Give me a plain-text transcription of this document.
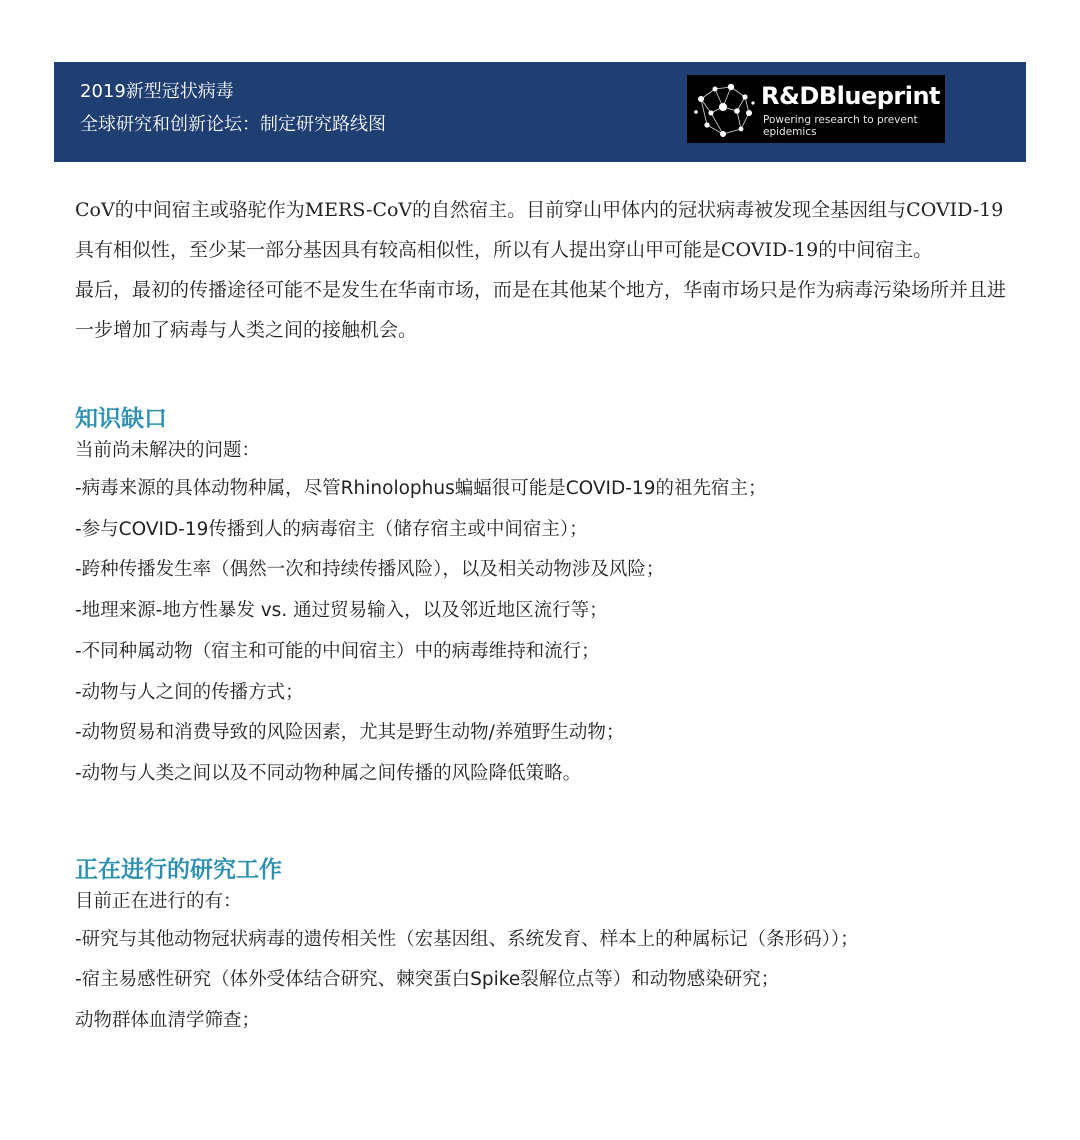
2019新型冠状病毒
全球研究和创新论坛：制定研究路线图
R&DBlueprint
Powering research to prevent epidemics

CoV的中间宿主或骆驼作为MERS-CoV的自然宿主。目前穿山甲体内的冠状病毒被发现全基因组与COVID-19具有相似性，至少某一部分基因具有较高相似性，所以有人提出穿山甲可能是COVID-19的中间宿主。

最后，最初的传播途径可能不是发生在华南市场，而是在其他某个地方，华南市场只是作为病毒污染场所并且进一步增加了病毒与人类之间的接触机会。

知识缺口

当前尚未解决的问题：

-病毒来源的具体动物种属，尽管Rhinolophus蝙蝠很可能是COVID-19的祖先宿主；

-参与COVID-19传播到人的病毒宿主（储存宿主或中间宿主）；

-跨种传播发生率（偶然一次和持续传播风险），以及相关动物涉及风险；

-地理来源-地方性暴发 vs. 通过贸易输入，以及邻近地区流行等；

-不同种属动物（宿主和可能的中间宿主）中的病毒维持和流行；

-动物与人之间的传播方式；

-动物贸易和消费导致的风险因素，尤其是野生动物/养殖野生动物；

-动物与人类之间以及不同动物种属之间传播的风险降低策略。

正在进行的研究工作

目前正在进行的有：

-研究与其他动物冠状病毒的遗传相关性（宏基因组、系统发育、样本上的种属标记（条形码））；

-宿主易感性研究（体外受体结合研究、棘突蛋白Spike裂解位点等）和动物感染研究；

动物群体血清学筛查；
